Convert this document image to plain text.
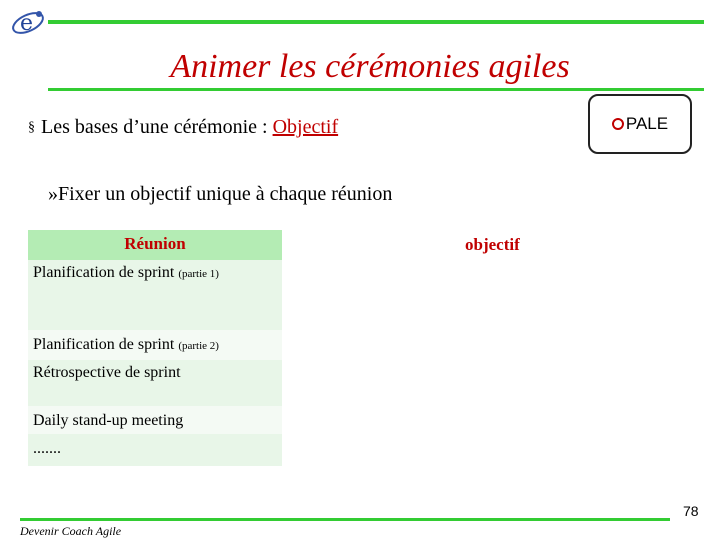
e
Animer les cérémonies agiles
§ Les bases d’une cérémonie : Objectif	PALE
»Fixer un objectif unique à chaque réunion
Réunion
Planification de sprint (partie 1)
Planification de sprint (partie 2)
Rétrospective de sprint
Daily stand-up meeting
.......
objectif
78
Devenir Coach Agile
